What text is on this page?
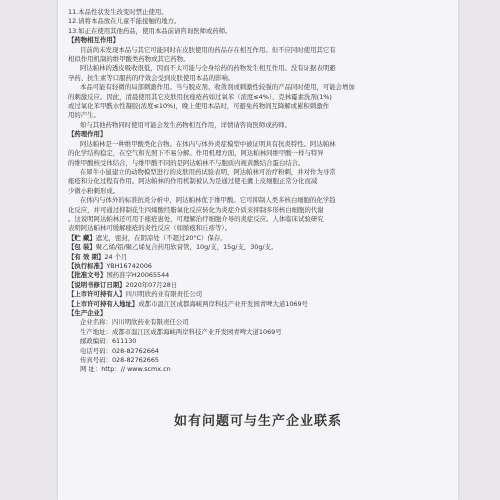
11.本品性状发生改变时禁止使用。
12.请将本品放在儿童不能接触的地方。
13.如正在使用其他药品，使用本品前请咨询医师或药师。
【药物相互作用】
目前尚未发现本品与其它可能同时在皮肤使用的药品存在相互作用。但不应同时使用其它有
相似作用机制的维甲酸类药物或其它药物。
阿达帕林的透皮吸收很低，因而不太可能与全身给药的药物发生相互作用。没有证据表明避
孕药、抗生素等口服药的疗效会受到皮肤使用本品的影响。
本品可能有轻微的局部刺激作用。当与脱皮剂、收敛剂或刺激性较强的产品同时使用，可能会增加
的刺激反应。因此，清晨使用其它皮肤用抗痤疮药如过氧苯（浓度≤4%）、克林霉素洗剂(1%)
或过氧化苯甲酰水性凝胶(浓度≤10%)，晚上使用本品时，可避免药物间互降解或累积刺激作
用的产生。
如与其他药物同时使用可能会发生药物相互作用，详情请咨询医师或药师。
【药理作用】
阿达帕林是一种维甲酸类化合物。在体内与体外炎症模型中被证明具有抗炎特性。阿达帕林
的化学结构稳定，在空气和光照下不易分解。作用机理方面，阿达帕林同维甲酸一样与特异
的维甲酸核受体结合，与维甲酸不同的是阿达帕林不与胞质内视黄酸结合蛋白结合。
在犀牛小鼠建立的动物模型进行的皮肤用药试验表明，阿达帕林可治疗粉刺，并对作为寻常
痤疮和分化过程有作用。阿达帕林的作用机制被认为是通过使毛囊上皮细胞正常分化而减
少微小粉刺形成。
在体内与体外的标准抗炎分析中，阿达帕林优于维甲酸。它可抑制人类多核白细胞的化学趋
化反应，并可通过抑制花生四烯酸经脂氧化反应转化为炎症介质来抑制多形核白细胞的代谢
。这说明阿达帕林还可用于痤疮患处，可理解治疗细胞介导的炎症反应。人体临床试验研究
表明阿达帕林可缓解痤疮的炎性反应（如脓疱和丘疹等）。
【贮 藏】遮光，密封，在阴凉处（不超过20°C）保存。
【包 装】聚乙烯/铝/聚乙烯复合药用软膏管，10g/支，15g/支，30g/支。
【有 效 期】24 个月
【执行标准】YBH16742006
【批准文号】国药准字H20065544
【说明书修订日期】2020年07月28日
【上市许可持有人】四川明欣药业有限责任公司
【上市许可持有人地址】成都市温江区成都海峡两岸科技产业开发园青啤大道1069号
【生产企业】
企业名称：四川明欣药业有限责任公司
生产地址：成都市温江区成都海峡两岸科技产业开发园青啤大道1069号
邮政编码：611130
电话号码：028-82762664
传真号码：028-82762665
网 址：http：// www.scmx.cn
如有问题可与生产企业联系
